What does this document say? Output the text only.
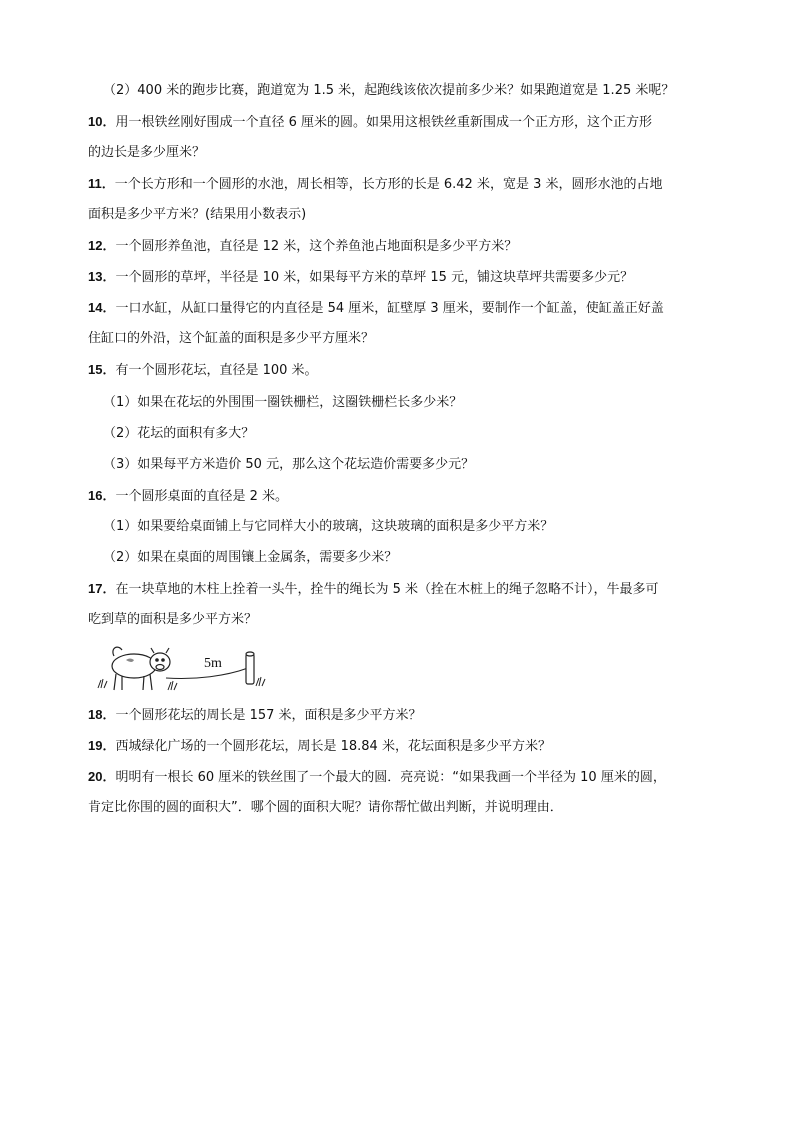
（2）400 米的跑步比赛，跑道宽为 1.5 米，起跑线该依次提前多少米？如果跑道宽是 1.25 米呢？
10．用一根铁丝刚好围成一个直径 6 厘米的圆。如果用这根铁丝重新围成一个正方形，这个正方形
的边长是多少厘米？
11．一个长方形和一个圆形的水池，周长相等，长方形的长是 6.42 米，宽是 3 米，圆形水池的占地
面积是多少平方米？(结果用小数表示)
12．一个圆形养鱼池，直径是 12 米，这个养鱼池占地面积是多少平方米？
13．一个圆形的草坪，半径是 10 米，如果每平方米的草坪 15 元，铺这块草坪共需要多少元？
14．一口水缸，从缸口量得它的内直径是 54 厘米，缸壁厚 3 厘米，要制作一个缸盖，使缸盖正好盖
住缸口的外沿，这个缸盖的面积是多少平方厘米？
15．有一个圆形花坛，直径是 100 米。
（1）如果在花坛的外围围一圈铁栅栏，这圈铁栅栏长多少米？
（2）花坛的面积有多大？
（3）如果每平方米造价 50 元，那么这个花坛造价需要多少元？
16．一个圆形桌面的直径是 2 米。
（1）如果要给桌面铺上与它同样大小的玻璃，这块玻璃的面积是多少平方米？
（2）如果在桌面的周围镶上金属条，需要多少米？
17．在一块草地的木柱上拴着一头牛，拴牛的绳长为 5 米（拴在木桩上的绳子忽略不计），牛最多可
吃到草的面积是多少平方米？
5m
18．一个圆形花坛的周长是 157 米，面积是多少平方米？
19．西城绿化广场的一个圆形花坛，周长是 18.84 米，花坛面积是多少平方米？
20．明明有一根长 60 厘米的铁丝围了一个最大的圆．亮亮说：“如果我画一个半径为 10 厘米的圆，
肯定比你围的圆的面积大”．哪个圆的面积大呢？请你帮忙做出判断，并说明理由．
